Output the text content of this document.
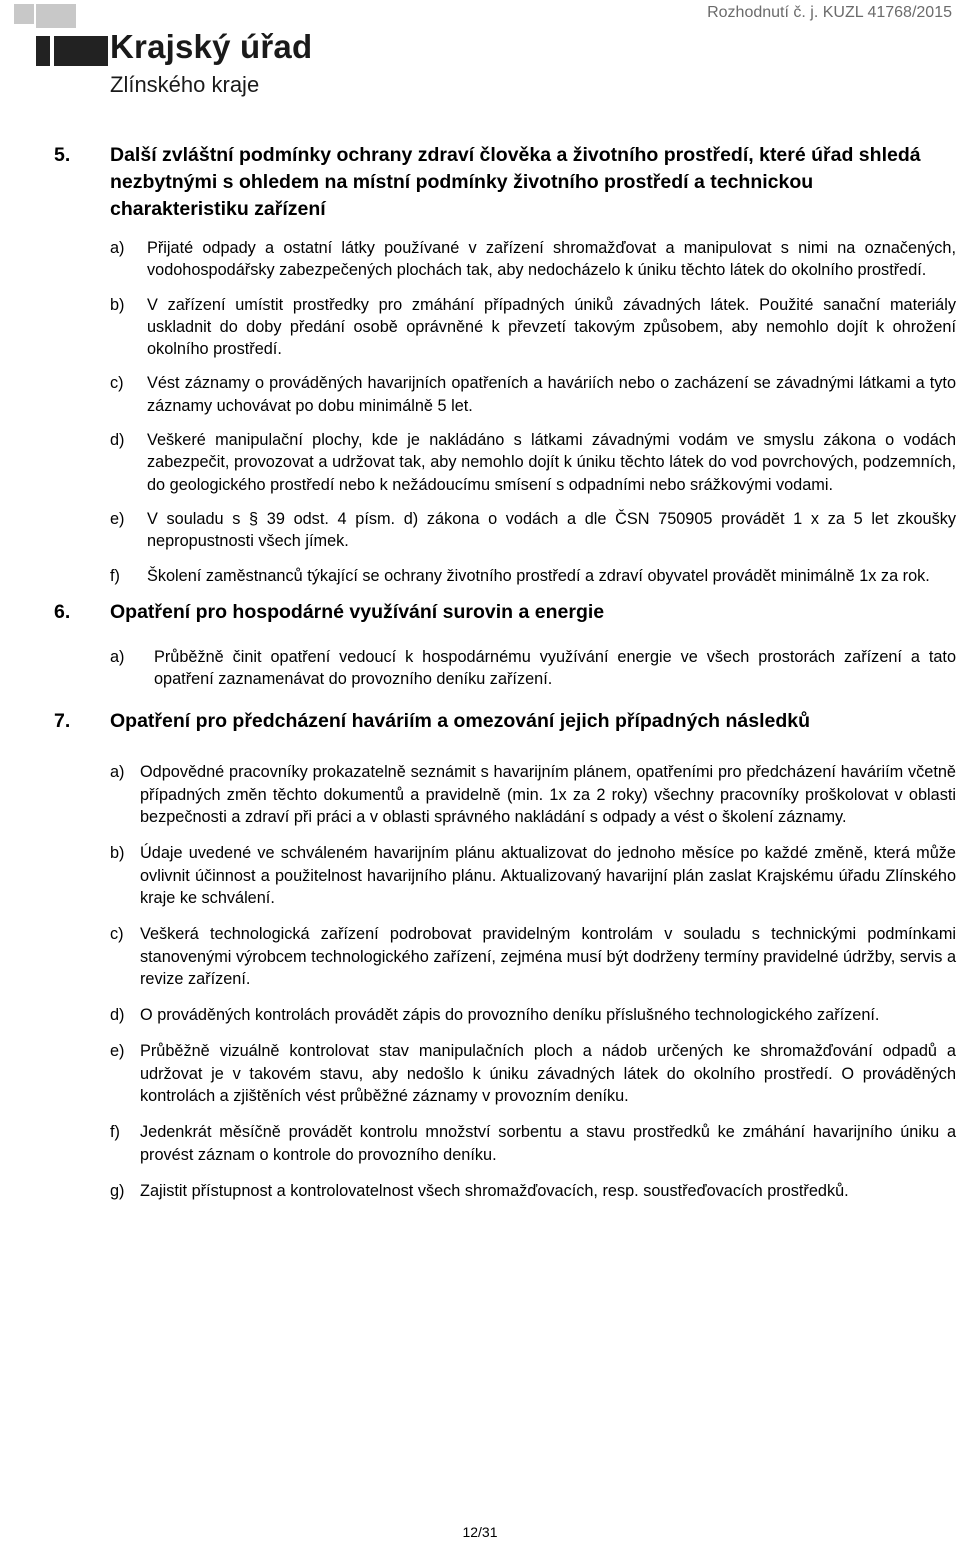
Rozhodnutí č. j. KUZL 41768/2015
Krajský úřad
Zlínského kraje
5.	Další zvláštní podmínky ochrany zdraví člověka a životního prostředí, které úřad shledá nezbytnými s ohledem na místní podmínky životního prostředí a technickou charakteristiku zařízení
a)	Přijaté odpady a ostatní látky používané v zařízení shromažďovat a manipulovat s nimi na označených, vodohospodářsky zabezpečených plochách tak, aby nedocházelo k úniku těchto látek do okolního prostředí.
b)	V zařízení umístit prostředky pro zmáhání případných úniků závadných látek. Použité sanační materiály uskladnit do doby předání osobě oprávněné k převzetí takovým způsobem, aby nemohlo dojít k ohrožení okolního prostředí.
c)	Vést záznamy o prováděných havarijních opatřeních a haváriích nebo o zacházení se závadnými látkami a tyto záznamy uchovávat po dobu minimálně 5 let.
d)	Veškeré manipulační plochy, kde je nakládáno s látkami závadnými vodám ve smyslu zákona o vodách zabezpečit, provozovat a udržovat tak, aby nemohlo dojít k úniku těchto látek do vod povrchových, podzemních, do geologického prostředí nebo k nežádoucímu smísení s odpadními nebo srážkovými vodami.
e)	V souladu s § 39 odst. 4 písm. d) zákona o vodách a dle ČSN 750905 provádět 1 x za 5 let zkoušky nepropustnosti všech jímek.
f)	Školení zaměstnanců týkající se ochrany životního prostředí a zdraví obyvatel provádět minimálně 1x za rok.
6.	Opatření pro hospodárné využívání surovin a energie
a)	Průběžně činit opatření vedoucí k hospodárnému využívání energie ve všech prostorách zařízení a tato opatření zaznamenávat do provozního deníku zařízení.
7.	Opatření pro předcházení haváriím a omezování jejich případných následků
a) Odpovědné pracovníky prokazatelně seznámit s havarijním plánem, opatřeními pro předcházení haváriím včetně případných změn těchto dokumentů a pravidelně (min. 1x za 2 roky) všechny pracovníky proškolovat v oblasti bezpečnosti a zdraví při práci a v oblasti správného nakládání s odpady a vést o školení záznamy.
b) Údaje uvedené ve schváleném havarijním plánu aktualizovat do jednoho měsíce po každé změně, která může ovlivnit účinnost a použitelnost havarijního plánu. Aktualizovaný havarijní plán zaslat Krajskému úřadu Zlínského kraje ke schválení.
c)	Veškerá technologická zařízení podrobovat pravidelným kontrolám v souladu s technickými podmínkami stanovenými výrobcem technologického zařízení, zejména musí být dodrženy termíny pravidelné údržby, servis a revize zařízení.
d) O prováděných kontrolách provádět zápis do provozního deníku příslušného technologického zařízení.
e) Průběžně vizuálně kontrolovat stav manipulačních ploch a nádob určených ke shromažďování odpadů a udržovat je v takovém stavu, aby nedošlo k úniku závadných látek do okolního prostředí. O prováděných kontrolách a zjištěních vést průběžné záznamy v provozním deníku.
f)	Jedenkrát měsíčně provádět kontrolu množství sorbentu a stavu prostředků ke zmáhání havarijního úniku a provést záznam o kontrole do provozního deníku.
g) Zajistit přístupnost a kontrolovatelnost všech shromažďovacích, resp. soustřeďovacích prostředků.
12/31
